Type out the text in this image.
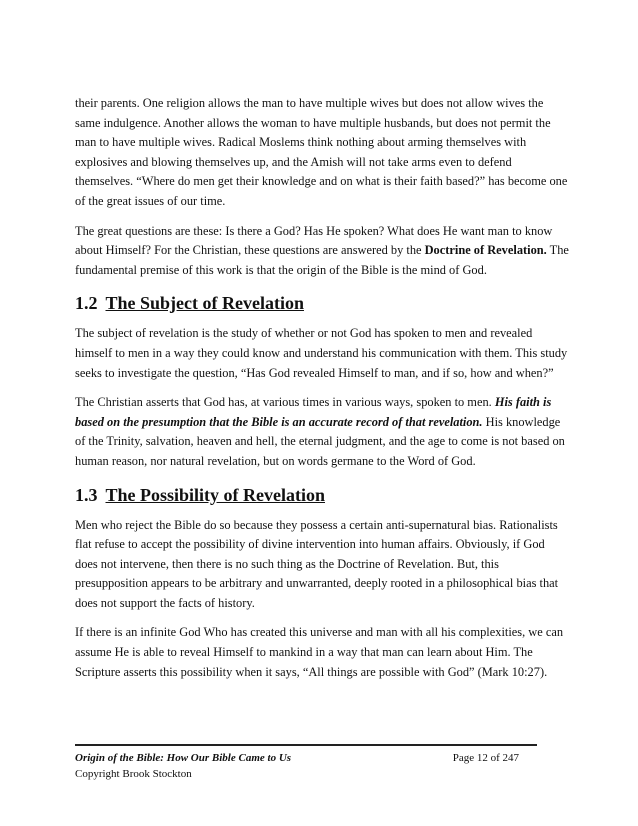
their parents. One religion allows the man to have multiple wives but does not allow wives the same indulgence. Another allows the woman to have multiple husbands, but does not permit the man to have multiple wives. Radical Moslems think nothing about arming themselves with explosives and blowing themselves up, and the Amish will not take arms even to defend themselves. “Where do men get their knowledge and on what is their faith based?” has become one of the great issues of our time.

The great questions are these: Is there a God? Has He spoken? What does He want man to know about Himself? For the Christian, these questions are answered by the Doctrine of Revelation. The fundamental premise of this work is that the origin of the Bible is the mind of God.

1.2 The Subject of Revelation

The subject of revelation is the study of whether or not God has spoken to men and revealed himself to men in a way they could know and understand his communication with them. This study seeks to investigate the question, “Has God revealed Himself to man, and if so, how and when?”

The Christian asserts that God has, at various times in various ways, spoken to men. His faith is based on the presumption that the Bible is an accurate record of that revelation. His knowledge of the Trinity, salvation, heaven and hell, the eternal judgment, and the age to come is not based on human reason, nor natural revelation, but on words germane to the Word of God.

1.3 The Possibility of Revelation

Men who reject the Bible do so because they possess a certain anti-supernatural bias. Rationalists flat refuse to accept the possibility of divine intervention into human affairs. Obviously, if God does not intervene, then there is no such thing as the Doctrine of Revelation. But, this presupposition appears to be arbitrary and unwarranted, deeply rooted in a philosophical bias that does not support the facts of history.

If there is an infinite God Who has created this universe and man with all his complexities, we can assume He is able to reveal Himself to mankind in a way that man can learn about Him. The Scripture asserts this possibility when it says, “All things are possible with God” (Mark 10:27).

Origin of the Bible: How Our Bible Came to Us	Page 12 of 247
Copyright Brook Stockton
